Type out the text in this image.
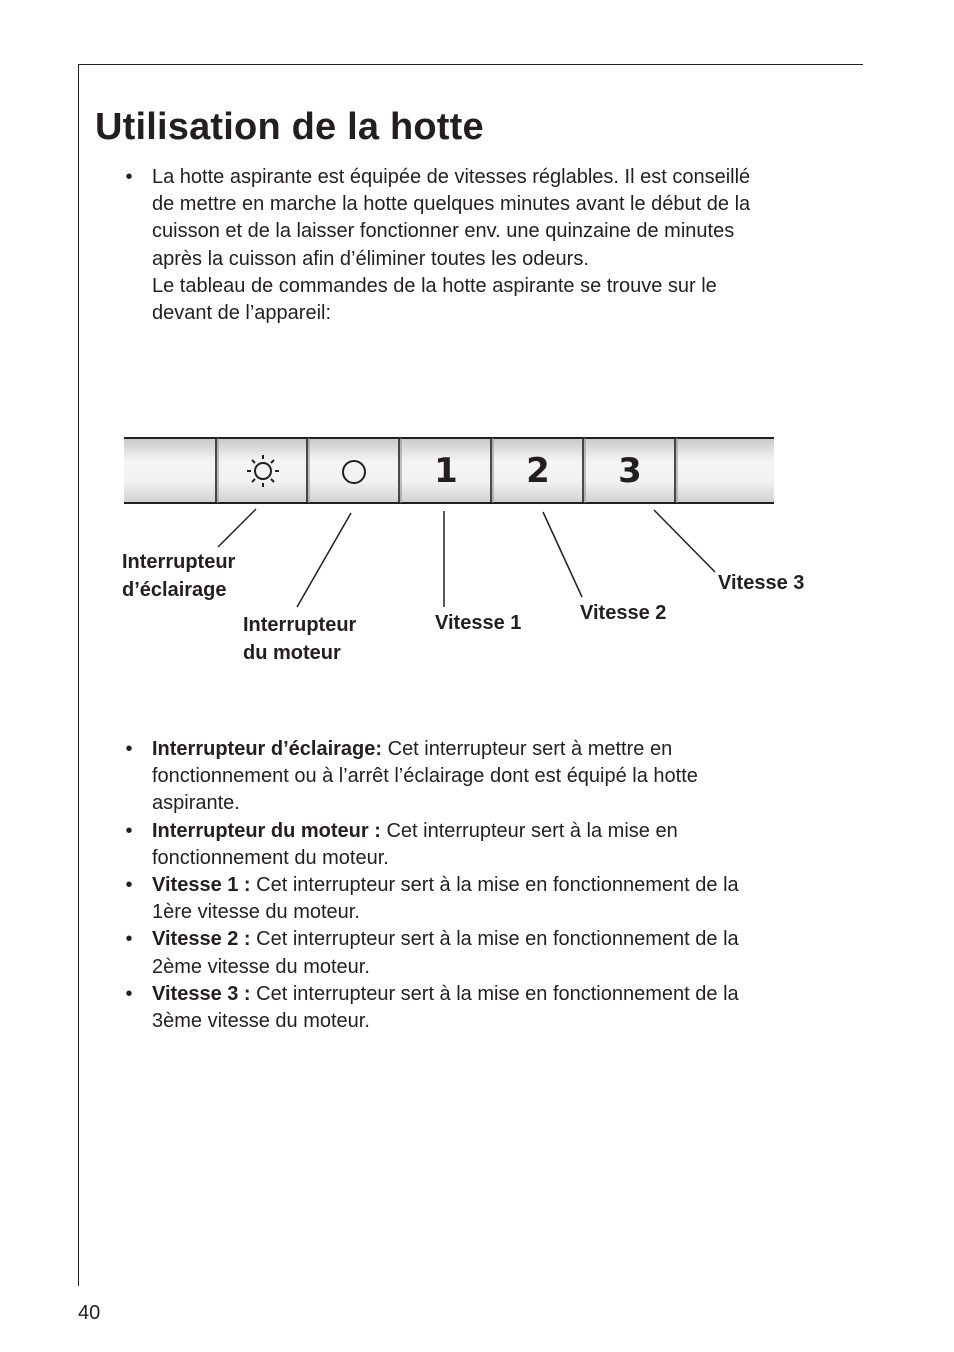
Utilisation de la hotte
• La hotte aspirante est équipée de vitesses réglables. Il est conseillé
de mettre en marche la hotte quelques minutes avant le début de la
cuisson et de la laisser fonctionner env. une quinzaine de minutes
après la cuisson afin d’éliminer toutes les odeurs.
Le tableau de commandes de la hotte aspirante se trouve sur le
devant de l’appareil:
1 2 3

Interrupteur
d’éclairage

Interrupteur
du moteur

Vitesse 1	Vitesse 2

Vitesse 3

• Interrupteur d’éclairage: Cet interrupteur sert à mettre en
fonctionnement ou à l’arrêt l’éclairage dont est équipé la hotte
aspirante.
• Interrupteur du moteur : Cet interrupteur sert à la mise en
fonctionnement du moteur.
• Vitesse 1 : Cet interrupteur sert à la mise en fonctionnement de la
1ère vitesse du moteur.
• Vitesse 2 : Cet interrupteur sert à la mise en fonctionnement de la
2ème vitesse du moteur.
• Vitesse 3 : Cet interrupteur sert à la mise en fonctionnement de la
3ème vitesse du moteur.
40
